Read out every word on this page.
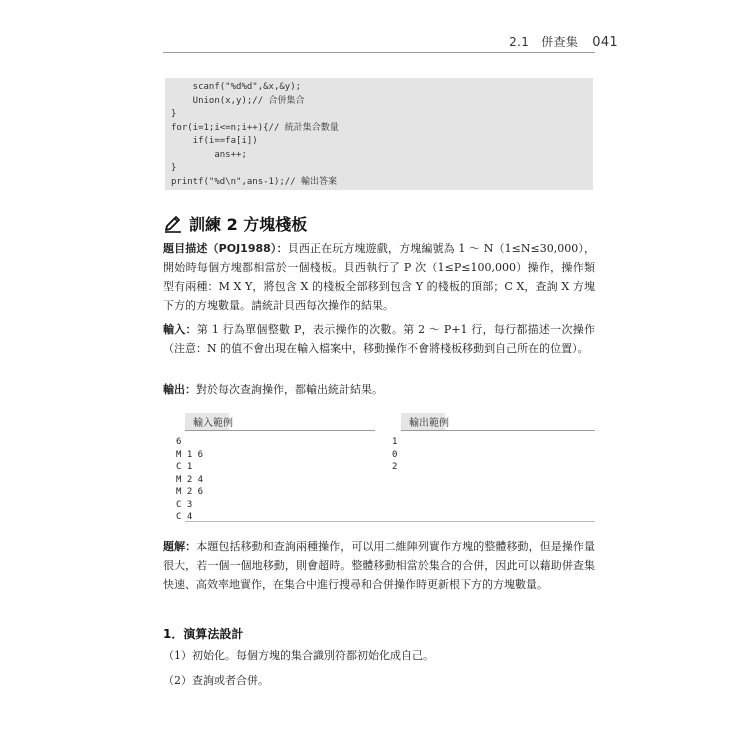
2.1 併查集 041
scanf("%d%d",&x,&y);
Union(x,y);// 合併集合
}
for(i=1;i<=n;i++){// 統計集合數量
if(i==fa[i])
ans++;
}
printf("%d\n",ans-1);// 輸出答案
訓練 2 方塊棧板
題目描述（POJ1988）：貝西正在玩方塊遊戲，方塊編號為 1 ～ N（1≤N≤30,000），開始時每個方塊都相當於一個棧板。貝西執行了 P 次（1≤P≤100,000）操作，操作類型有兩種：M X Y，將包含 X 的棧板全部移到包含 Y 的棧板的頂部；C X，查詢 X 方塊下方的方塊數量。請統計貝西每次操作的結果。
輸入：第 1 行為單個整數 P，表示操作的次數。第 2 ～ P+1 行，每行都描述一次操作（注意：N 的值不會出現在輸入檔案中，移動操作不會將棧板移動到自己所在的位置）。
輸出：對於每次查詢操作，都輸出統計結果。
輸入範例
6
M 1 6
C 1
M 2 4
M 2 6
C 3
C 4
輸出範例
1
0
2
題解：本題包括移動和查詢兩種操作，可以用二維陣列實作方塊的整體移動，但是操作量很大，若一個一個地移動，則會超時。整體移動相當於集合的合併，因此可以藉助併查集快速、高效率地實作，在集合中進行搜尋和合併操作時更新根下方的方塊數量。
1．演算法設計
（1）初始化。每個方塊的集合識別符都初始化成自己。
（2）查詢或者合併。
